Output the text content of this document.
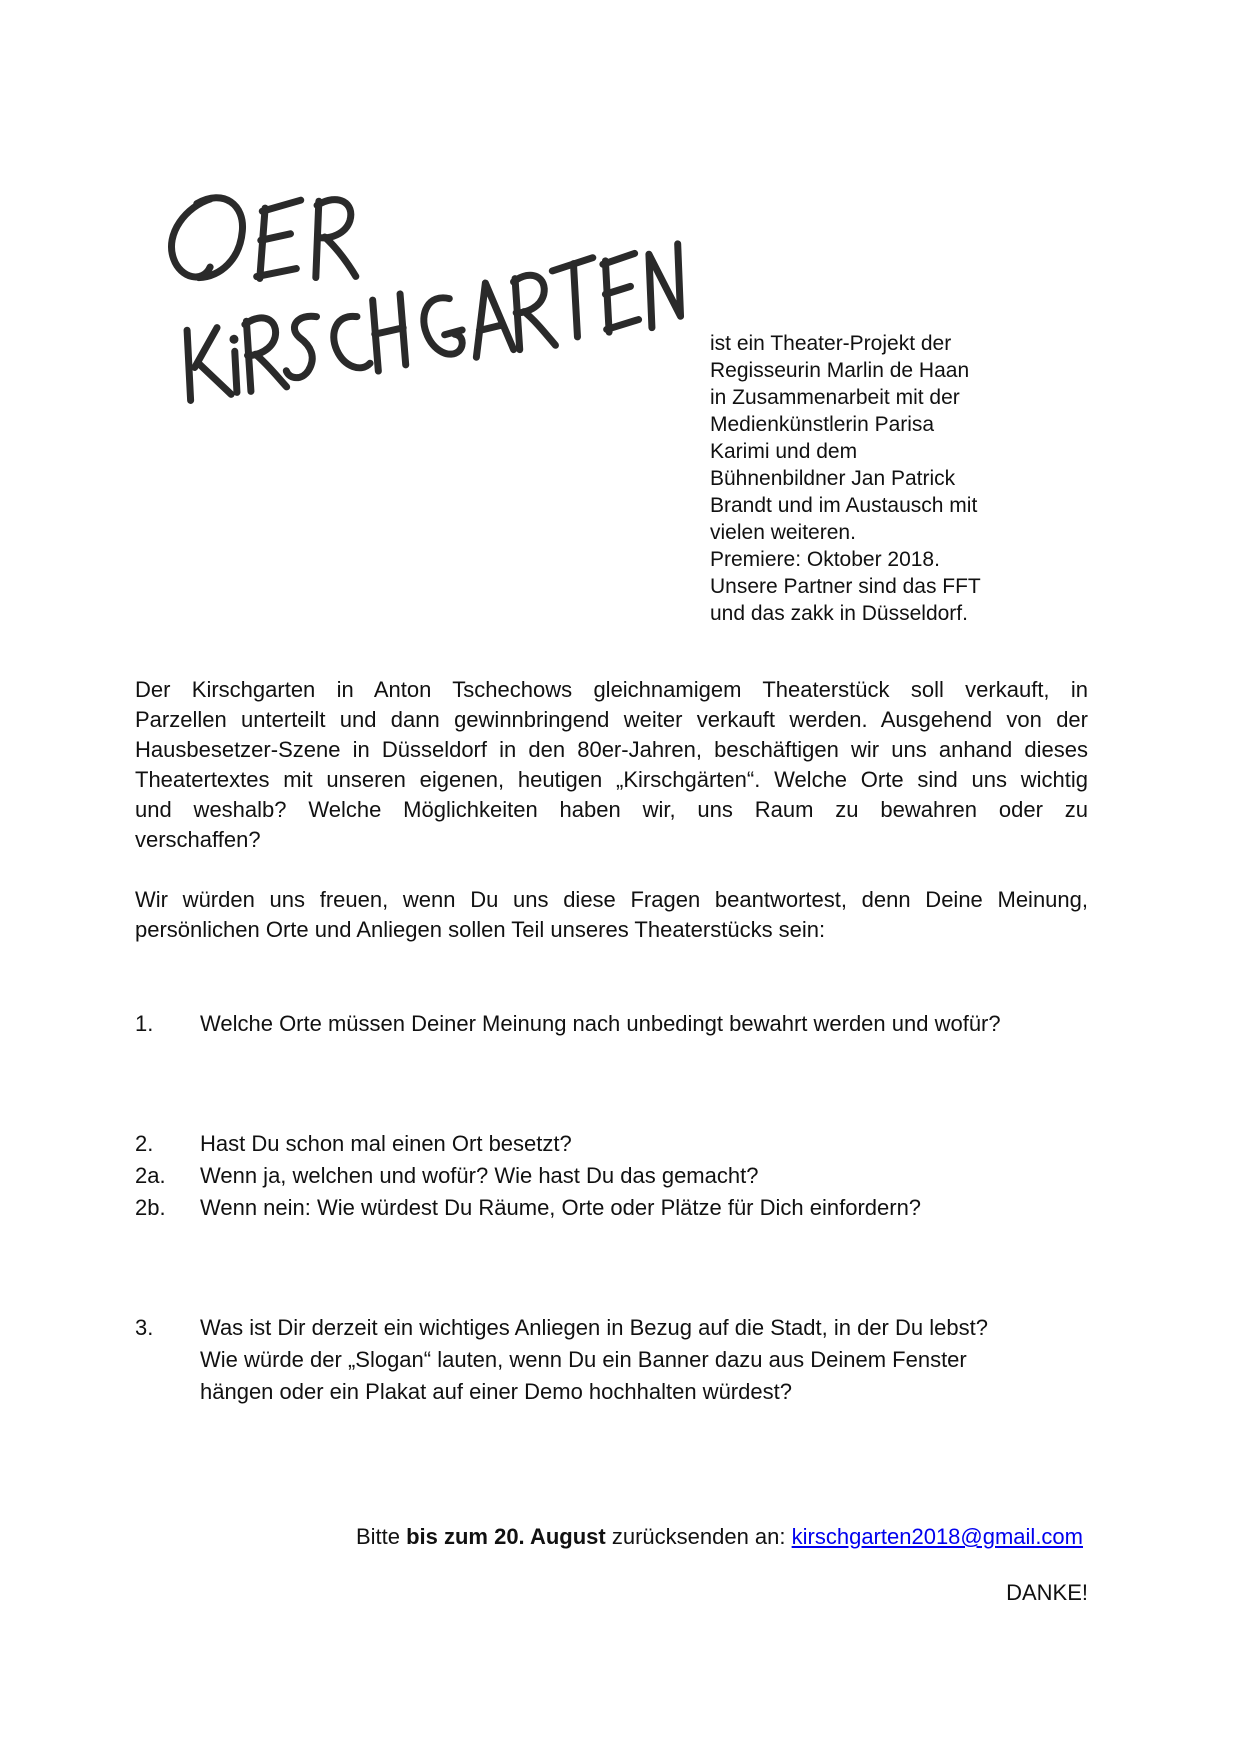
ist ein Theater-Projekt der
Regisseurin Marlin de Haan
in Zusammenarbeit mit der
Medienkünstlerin Parisa
Karimi und dem
Bühnenbildner Jan Patrick
Brandt und im Austausch mit
vielen weiteren.
Premiere: Oktober 2018.
Unsere Partner sind das FFT
und das zakk in Düsseldorf.
Der Kirschgarten in Anton Tschechows gleichnamigem Theaterstück soll verkauft, in
Parzellen unterteilt und dann gewinnbringend weiter verkauft werden. Ausgehend von der
Hausbesetzer-Szene in Düsseldorf in den 80er-Jahren, beschäftigen wir uns anhand dieses
Theatertextes mit unseren eigenen, heutigen „Kirschgärten“. Welche Orte sind uns wichtig
und weshalb? Welche Möglichkeiten haben wir, uns Raum zu bewahren oder zu
verschaffen?
Wir würden uns freuen, wenn Du uns diese Fragen beantwortest, denn Deine Meinung,
persönlichen Orte und Anliegen sollen Teil unseres Theaterstücks sein:
1.	Welche Orte müssen Deiner Meinung nach unbedingt bewahrt werden und wofür?
2.	Hast Du schon mal einen Ort besetzt?
2a.	Wenn ja, welchen und wofür? Wie hast Du das gemacht?
2b.	Wenn nein: Wie würdest Du Räume, Orte oder Plätze für Dich einfordern?
3.	Was ist Dir derzeit ein wichtiges Anliegen in Bezug auf die Stadt, in der Du lebst?
Wie würde der „Slogan“ lauten, wenn Du ein Banner dazu aus Deinem Fenster
hängen oder ein Plakat auf einer Demo hochhalten würdest?
Bitte bis zum 20. August zurücksenden an: kirschgarten2018@gmail.com
DANKE!
